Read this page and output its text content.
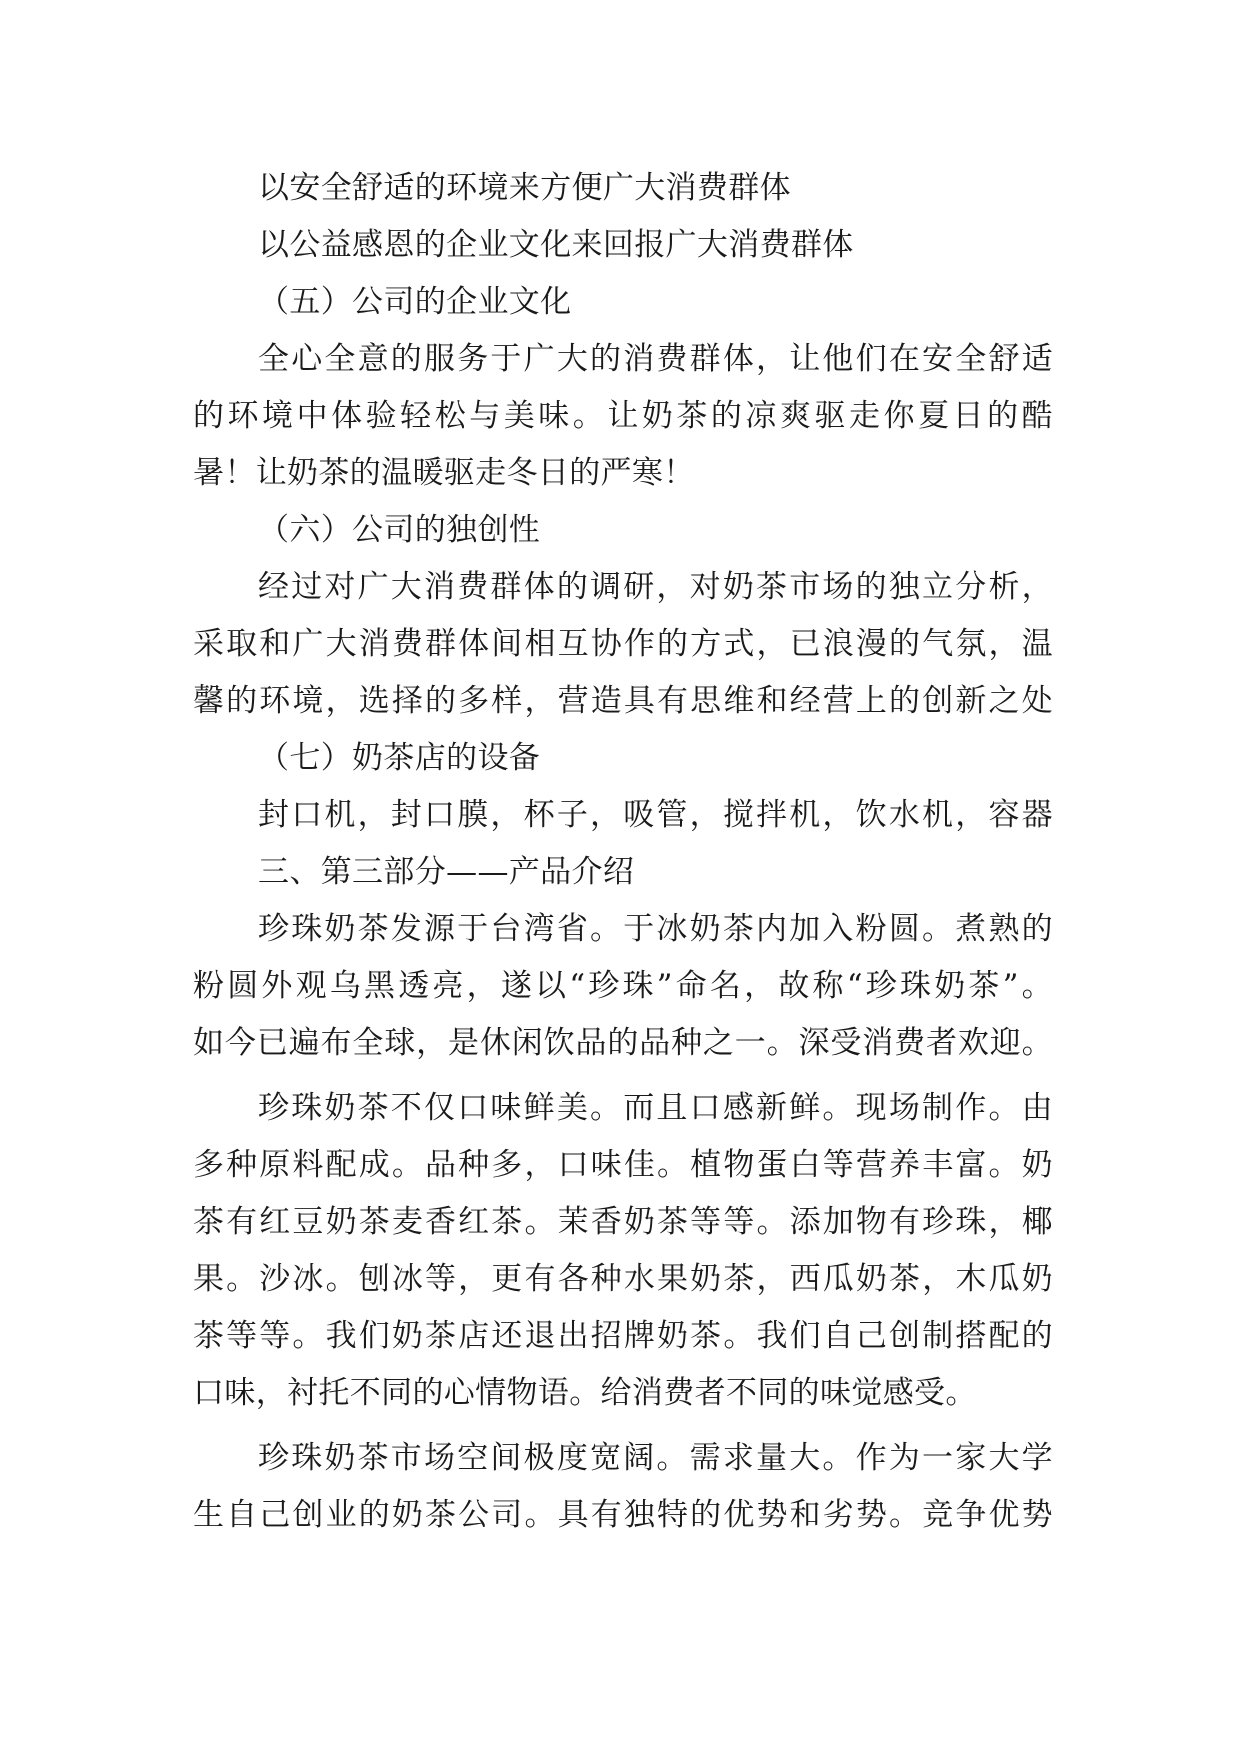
以安全舒适的环境来方便广大消费群体
以公益感恩的企业文化来回报广大消费群体
（五）公司的企业文化
全心全意的服务于广大的消费群体，让他们在安全舒适
的环境中体验轻松与美味。让奶茶的凉爽驱走你夏日的酷
暑！让奶茶的温暖驱走冬日的严寒！
（六）公司的独创性
经过对广大消费群体的调研，对奶茶市场的独立分析，
采取和广大消费群体间相互协作的方式，已浪漫的气氛，温
馨的环境，选择的多样，营造具有思维和经营上的创新之处
（七）奶茶店的设备
封口机，封口膜，杯子，吸管，搅拌机，饮水机，容器
三、第三部分——产品介绍
珍珠奶茶发源于台湾省。于冰奶茶内加入粉圆。煮熟的
粉圆外观乌黑透亮，遂以“珍珠”命名，故称“珍珠奶茶”。
如今已遍布全球，是休闲饮品的品种之一。深受消费者欢迎。
珍珠奶茶不仅口味鲜美。而且口感新鲜。现场制作。由
多种原料配成。品种多，口味佳。植物蛋白等营养丰富。奶
茶有红豆奶茶麦香红茶。茉香奶茶等等。添加物有珍珠，椰
果。沙冰。刨冰等，更有各种水果奶茶，西瓜奶茶，木瓜奶
茶等等。我们奶茶店还退出招牌奶茶。我们自己创制搭配的
口味，衬托不同的心情物语。给消费者不同的味觉感受。
珍珠奶茶市场空间极度宽阔。需求量大。作为一家大学
生自己创业的奶茶公司。具有独特的优势和劣势。竞争优势
